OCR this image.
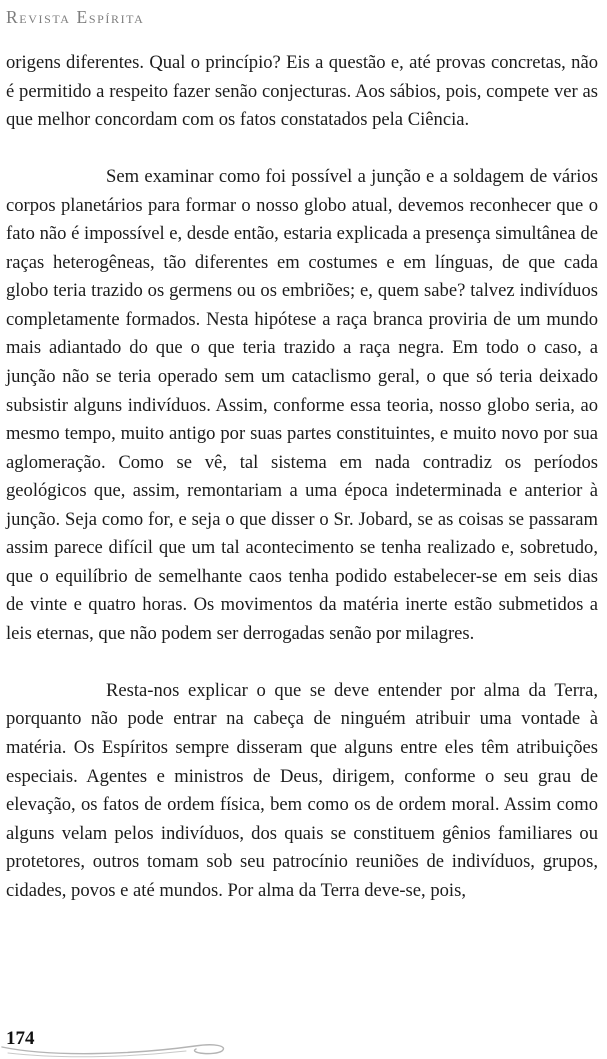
Revista Espírita

origens diferentes. Qual o princípio? Eis a questão e, até provas concretas, não é permitido a respeito fazer senão conjecturas. Aos sábios, pois, compete ver as que melhor concordam com os fatos constatados pela Ciência.

Sem examinar como foi possível a junção e a soldagem de vários corpos planetários para formar o nosso globo atual, devemos reconhecer que o fato não é impossível e, desde então, estaria explicada a presença simultânea de raças heterogêneas, tão diferentes em costumes e em línguas, de que cada globo teria trazido os germens ou os embriões; e, quem sabe? talvez indivíduos completamente formados. Nesta hipótese a raça branca proviria de um mundo mais adiantado do que o que teria trazido a raça negra. Em todo o caso, a junção não se teria operado sem um cataclismo geral, o que só teria deixado subsistir alguns indivíduos. Assim, conforme essa teoria, nosso globo seria, ao mesmo tempo, muito antigo por suas partes constituintes, e muito novo por sua aglomeração. Como se vê, tal sistema em nada contradiz os períodos geológicos que, assim, remontariam a uma época indeterminada e anterior à junção. Seja como for, e seja o que disser o Sr. Jobard, se as coisas se passaram assim parece difícil que um tal acontecimento se tenha realizado e, sobretudo, que o equilíbrio de semelhante caos tenha podido estabelecer-se em seis dias de vinte e quatro horas. Os movimentos da matéria inerte estão submetidos a leis eternas, que não podem ser derrogadas senão por milagres.

Resta-nos explicar o que se deve entender por alma da Terra, porquanto não pode entrar na cabeça de ninguém atribuir uma vontade à matéria. Os Espíritos sempre disseram que alguns entre eles têm atribuições especiais. Agentes e ministros de Deus, dirigem, conforme o seu grau de elevação, os fatos de ordem física, bem como os de ordem moral. Assim como alguns velam pelos indivíduos, dos quais se constituem gênios familiares ou protetores, outros tomam sob seu patrocínio reuniões de indivíduos, grupos, cidades, povos e até mundos. Por alma da Terra deve-se, pois,

174
